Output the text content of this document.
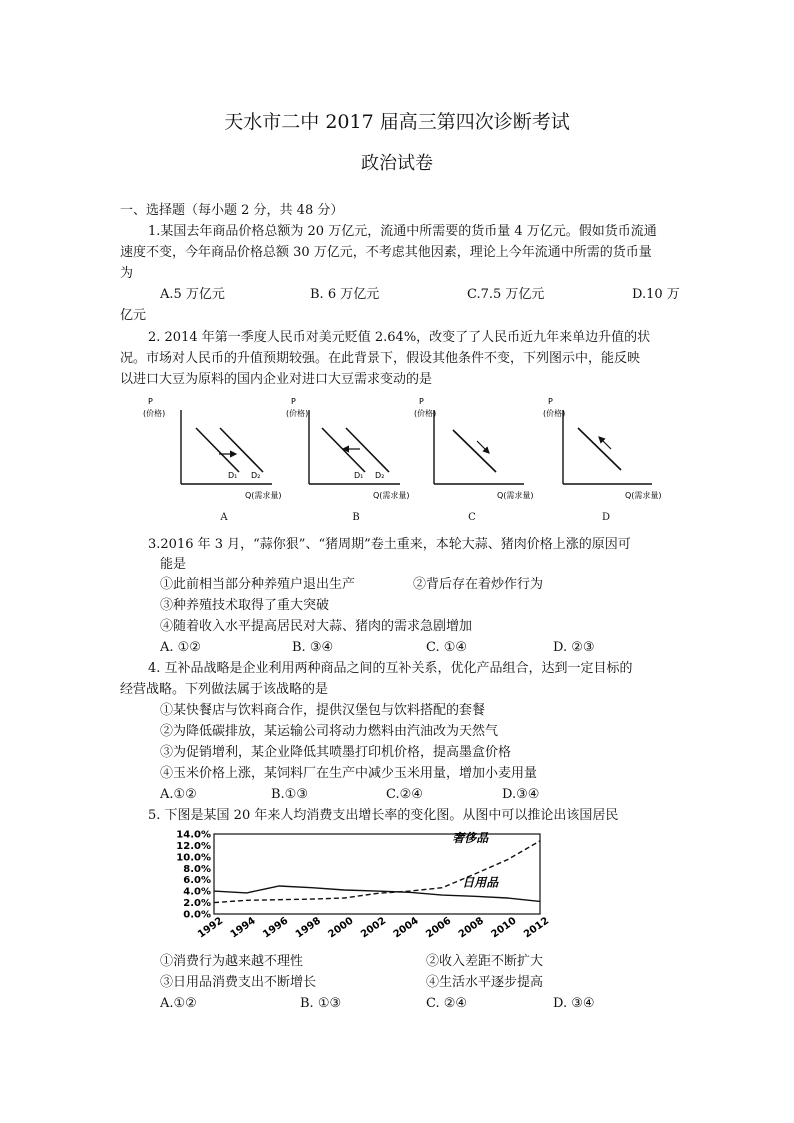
天水市二中 2017 届高三第四次诊断考试
政治试卷
一、选择题（每小题 2 分，共 48 分）
1.某国去年商品价格总额为 20 万亿元，流通中所需要的货币量 4 万亿元。假如货币流通
速度不变，今年商品价格总额 30 万亿元，不考虑其他因素，理论上今年流通中所需的货币量
为
A.5 万亿元	B. 6 万亿元	C.7.5 万亿元	D.10 万
亿元
2. 2014 年第一季度人民币对美元贬值 2.64%，改变了了人民币近九年来单边升值的状
况。市场对人民币的升值预期较强。在此背景下，假设其他条件不变，下列图示中，能反映
以进口大豆为原料的国内企业对进口大豆需求变动的是
P
(价格)
D₁ D₂
Q(需求量)
P
(价格)
D₁ D₂
Q(需求量)
P
(价格)
Q(需求量)
P
(价格)
Q(需求量)
A	B	C	D
3.2016 年 3 月，“蒜你狠”、“猪周期”卷土重来，本轮大蒜、猪肉价格上涨的原因可
能是
①此前相当部分种养殖户退出生产	②背后存在着炒作行为
③种养殖技术取得了重大突破
④随着收入水平提高居民对大蒜、猪肉的需求急剧增加
A. ①②	B. ③④	C. ①④	D. ②③
4. 互补品战略是企业利用两种商品之间的互补关系，优化产品组合，达到一定目标的
经营战略。下列做法属于该战略的是
①某快餐店与饮料商合作，提供汉堡包与饮料搭配的套餐
②为降低碳排放，某运输公司将动力燃料由汽油改为天然气
③为促销增利，某企业降低其喷墨打印机价格，提高墨盒价格
④玉米价格上涨，某饲料厂在生产中减少玉米用量，增加小麦用量
A.①②	B.①③	C.②④	D.③④
5. 下图是某国 20 年来人均消费支出增长率的变化图。从图中可以推论出该国居民
0.0%
2.0%
4.0%
6.0%
8.0%
10.0%
12.0%
14.0%
1992 1994 1996 1998 2000 2002 2004 2006 2008 2010 2012
奢侈品
日用品
①消费行为越来越不理性	②收入差距不断扩大
③日用品消费支出不断增长	④生活水平逐步提高
A.①②	B. ①③	C. ②④	D. ③④
